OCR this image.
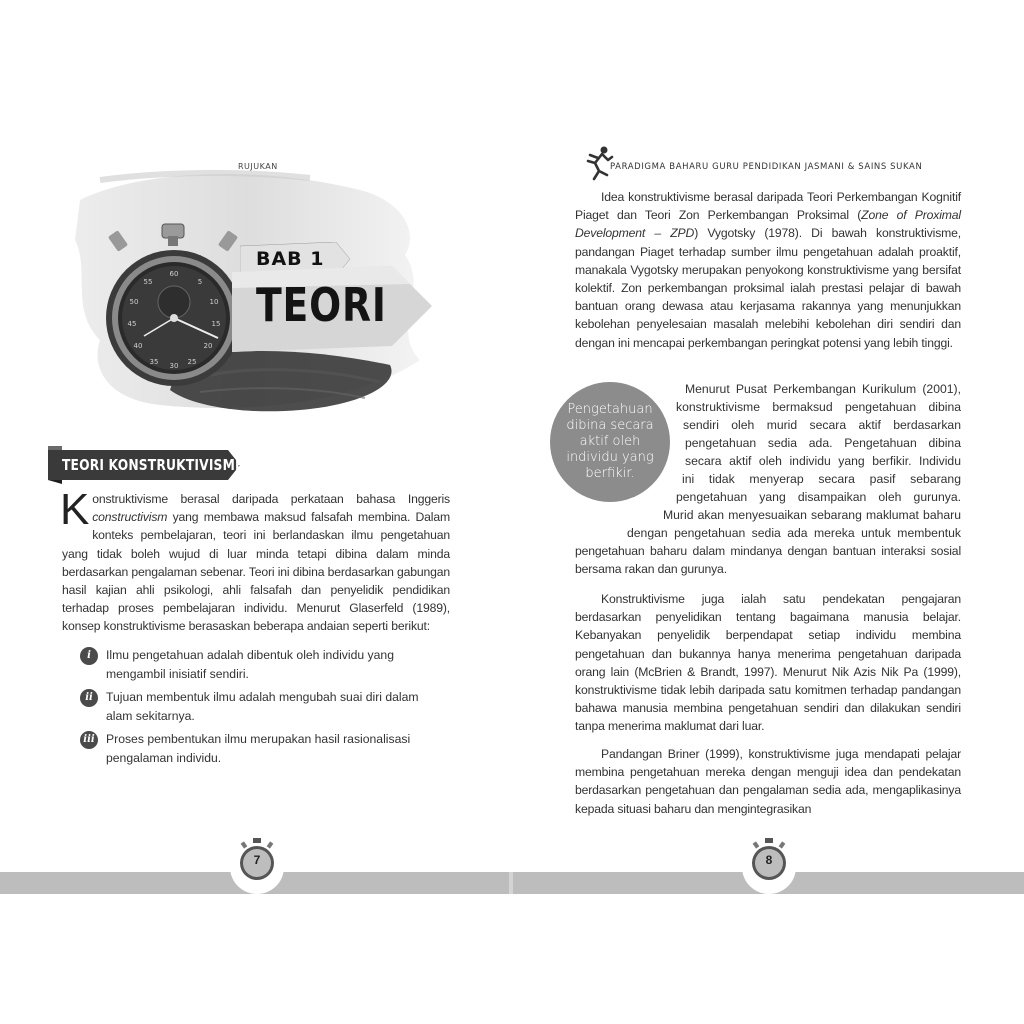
RUJUKAN
60
5
10
15
20
25
30
35
40
45
50
55
BAB 1
TEORI
TEORI KONSTRUKTIVISME
Konstruktivisme berasal daripada perkataan bahasa Inggeris constructivism yang membawa maksud falsafah membina. Dalam konteks pembelajaran, teori ini berlandaskan ilmu pengetahuan yang tidak boleh wujud di luar minda tetapi dibina dalam minda berdasarkan pengalaman sebenar. Teori ini dibina berdasarkan gabungan hasil kajian ahli psikologi, ahli falsafah dan penyelidik pendidikan terhadap proses pembelajaran individu. Menurut Glaserfeld (1989), konsep konstruktivisme berasaskan beberapa andaian seperti berikut:
i	Ilmu pengetahuan adalah dibentuk oleh individu yang mengambil inisiatif sendiri.
ii	Tujuan membentuk ilmu adalah mengubah suai diri dalam alam sekitarnya.
iii Proses pembentukan ilmu merupakan hasil rasionalisasi pengalaman individu.
PARADIGMA BAHARU GURU PENDIDIKAN JASMANI & SAINS SUKAN
Idea konstruktivisme berasal daripada Teori Perkembangan Kognitif Piaget dan Teori Zon Perkembangan Proksimal (Zone of Proximal Development – ZPD) Vygotsky (1978). Di bawah konstruktivisme, pandangan Piaget terhadap sumber ilmu pengetahuan adalah proaktif, manakala Vygotsky merupakan penyokong konstruktivisme yang bersifat kolektif. Zon perkembangan proksimal ialah prestasi pelajar di bawah bantuan orang dewasa atau kerjasama rakannya yang menunjukkan kebolehan penyelesaian masalah melebihi kebolehan diri sendiri dan dengan ini mencapai perkembangan peringkat potensi yang lebih tinggi.
Pengetahuan dibina secara aktif oleh individu yang berfikir.
Menurut Pusat Perkembangan Kurikulum (2001),
konstruktivisme bermaksud pengetahuan dibina
sendiri oleh murid secara aktif berdasarkan
pengetahuan sedia ada. Pengetahuan dibina
secara aktif oleh individu yang berfikir. Individu
ini tidak menyerap secara pasif sebarang
pengetahuan yang disampaikan oleh gurunya.
Murid akan menyesuaikan sebarang maklumat baharu
dengan pengetahuan sedia ada mereka untuk membentuk
pengetahuan baharu dalam mindanya dengan bantuan interaksi sosial bersama rakan dan gurunya.
Konstruktivisme juga ialah satu pendekatan pengajaran berdasarkan penyelidikan tentang bagaimana manusia belajar. Kebanyakan penyelidik berpendapat setiap individu membina pengetahuan dan bukannya hanya menerima pengetahuan daripada orang lain (McBrien & Brandt, 1997). Menurut Nik Azis Nik Pa (1999), konstruktivisme tidak lebih daripada satu komitmen terhadap pandangan bahawa manusia membina pengetahuan sendiri dan dilakukan sendiri tanpa menerima maklumat dari luar.
Pandangan Briner (1999), konstruktivisme juga mendapati pelajar membina pengetahuan mereka dengan menguji idea dan pendekatan berdasarkan pengetahuan dan pengalaman sedia ada, mengaplikasinya kepada situasi baharu dan mengintegrasikan
7	8
